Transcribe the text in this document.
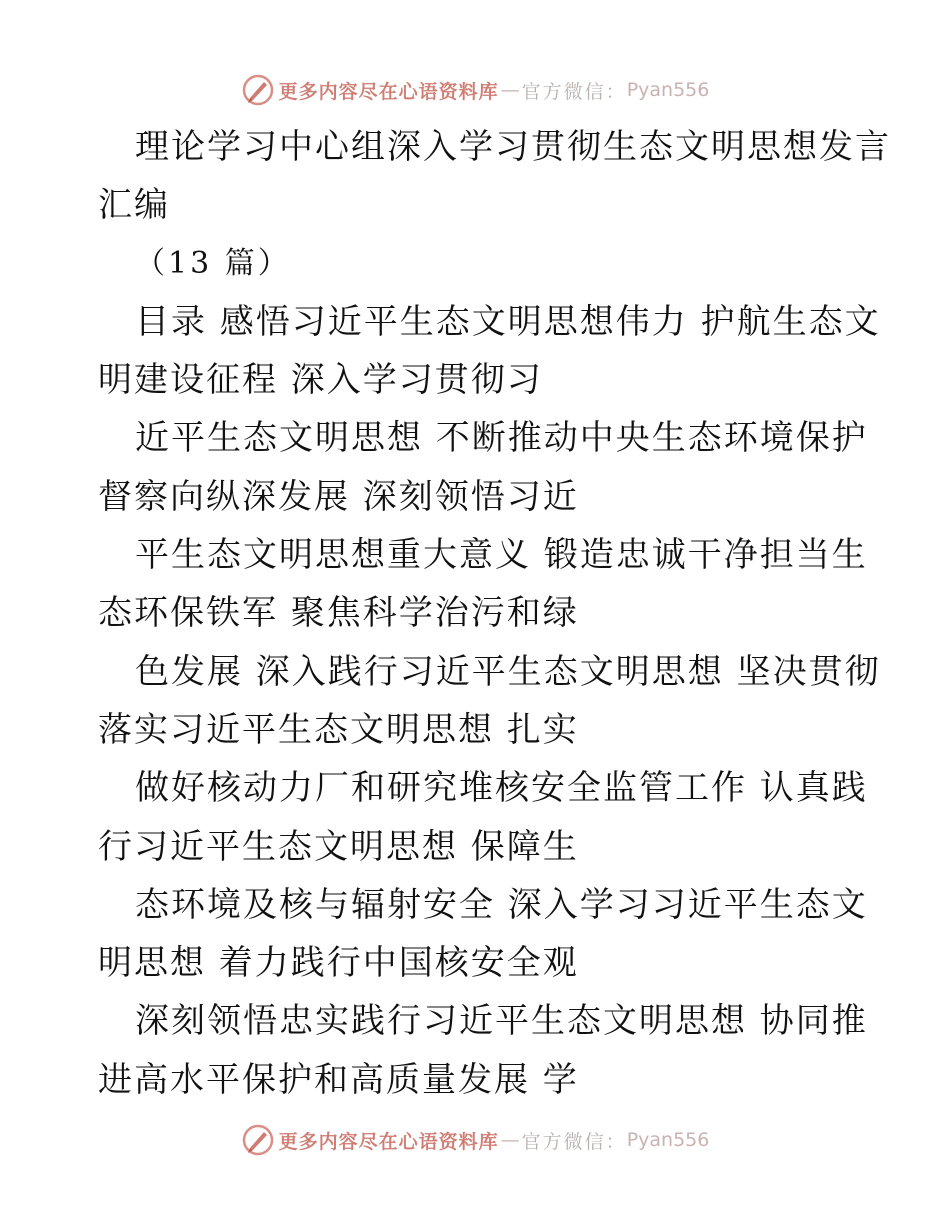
更多内容尽在心语资料库 — 官方微信： Pyan556
理论学习中心组深入学习贯彻生态文明思想发言
汇编
（13 篇）
目录 感悟习近平生态文明思想伟力 护航生态文
明建设征程 深入学习贯彻习
近平生态文明思想 不断推动中央生态环境保护
督察向纵深发展 深刻领悟习近
平生态文明思想重大意义 锻造忠诚干净担当生
态环保铁军 聚焦科学治污和绿
色发展 深入践行习近平生态文明思想 坚决贯彻
落实习近平生态文明思想 扎实
做好核动力厂和研究堆核安全监管工作 认真践
行习近平生态文明思想 保障生
态环境及核与辐射安全 深入学习习近平生态文
明思想 着力践行中国核安全观
深刻领悟忠实践行习近平生态文明思想 协同推
进高水平保护和高质量发展 学
更多内容尽在心语资料库 — 官方微信： Pyan556
